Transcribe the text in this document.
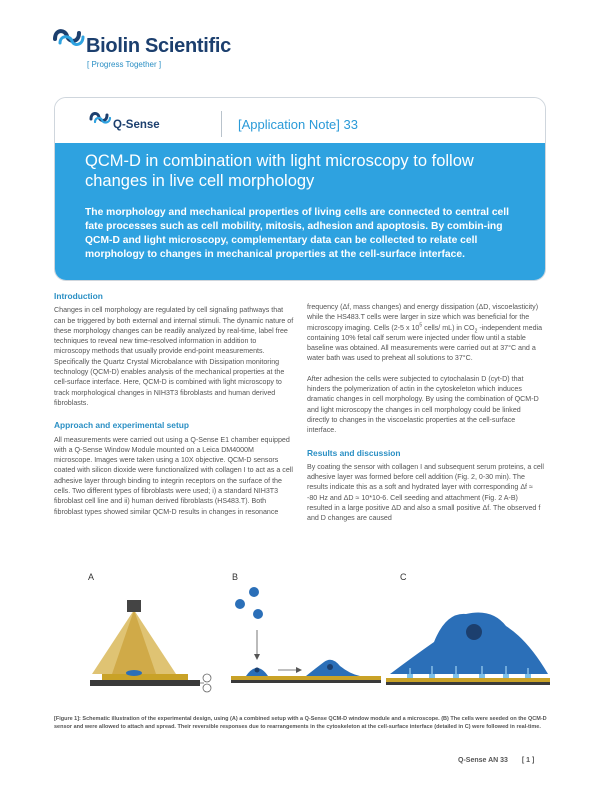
Biolin Scientific
[ Progress Together ]
Q-Sense	[Application Note] 33
QCM-D in combination with light microscopy to follow changes in live cell morphology
The morphology and mechanical properties of living cells are connected to central cell fate processes such as cell mobility, mitosis, adhesion and apoptosis. By combin-ing QCM-D and light microscopy, complementary data can be collected to relate cell morphology to changes in mechanical properties at the cell-surface interface.
Introduction

Changes in cell morphology are regulated by cell signaling pathways that can be triggered by both external and internal stimuli. The dynamic nature of these morphology changes can be readily analyzed by real-time, label free techniques to reveal new time-resolved information in addition to microscopy methods that usually provide end-point measurements. Specifically the Quartz Crystal Microbalance with Dissipation monitoring technology (QCM-D) enables analysis of the mechanical properties at the cell-surface interface. Here, QCM-D is combined with light microscopy to track morphological changes in NIH3T3 fibroblasts and human derived fibroblasts.

Approach and experimental setup

All measurements were carried out using a Q-Sense E1 chamber equipped with a Q-Sense Window Module mounted on a Leica DM4000M microscope. Images were taken using a 10X objective. QCM-D sensors coated with silicon dioxide were functionalized with collagen I to act as a cell adhesive layer through binding to integrin receptors on the surface of the cells. Two different types of fibroblasts were used; i) a standard NIH3T3 fibroblast cell line and ii) human derived fibroblasts (HS483.T). Both fibroblast types showed similar QCM-D results in changes in resonance

frequency (Δf, mass changes) and energy dissipation (ΔD, viscoelasticity) while the HS483.T cells were larger in size which was beneficial for the microscopy imaging. Cells (2-5 x $10^5$ cells/ mL) in $CO_2$ -independent media containing 10% fetal calf serum were injected under flow until a stable baseline was obtained. All measurements were carried out at 37°C and a water bath was used to preheat all solutions to 37°C.

After adhesion the cells were subjected to cytochalasin D (cyt-D) that hinders the polymerization of actin in the cytoskeleton which induces dramatic changes in cell morphology. By using the combination of QCM-D and light microscopy the changes in cell morphology could be linked directly to changes in the viscoelastic properties at the cell-surface interface.

Results and discussion

By coating the sensor with collagen I and subsequent serum proteins, a cell adhesive layer was formed before cell addition (Fig. 2, 0-30 min). The results indicate this as a soft and hydrated layer with corresponding Δf ≈ -80 Hz and ΔD ≈ 10*10-6. Cell seeding and attachment (Fig. 2 A-B) resulted in a large positive ΔD and also a small positive Δf. The observed f and D changes are caused

A	B	C
[Figure 1]: Schematic illustration of the experimental design, using (A) a combined setup with a Q-Sense QCM-D window module and a microscope. (B) The cells were seeded on the QCM-D sensor and were allowed to attach and spread. Their reversible responses due to rearrangements in the cytoskeleton at the cell-surface interface (detailed in C) were followed in real-time.
Q-Sense AN 33 [ 1 ]
